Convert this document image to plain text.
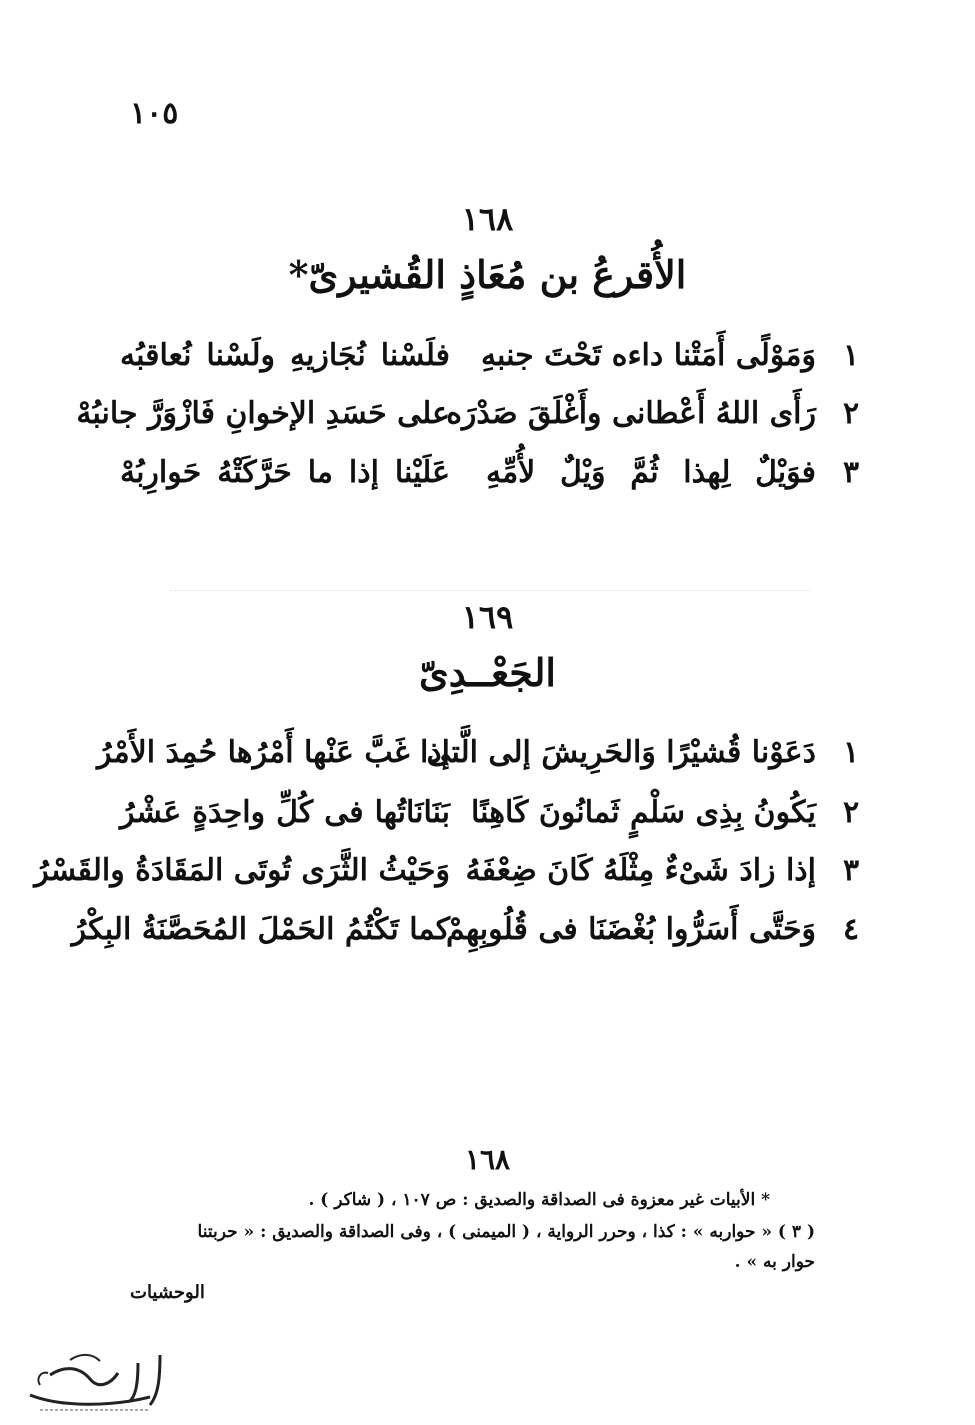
١٠٥
١٦٨
الأُقرعُ بن مُعَاذٍ القُشيرىّ*
١
وَمَوْلًى أَمَتْنا داءه تَحْتَ جنبهِ
فلَسْنا نُجَازيهِ ولَسْنا نُعاقبُه
٢
رَأَى اللهُ أَعْطانى وأَغْلَقَ صَدْرَه
على حَسَدِ الإخوانِ فَازْوَرَّ جانبُهْ
٣
فوَيْلٌ لِهذا ثُمَّ وَيْلٌ لأُمِّهِ
عَلَيْنا إذا ما حَرَّكَتْهُ حَوارِبُهْ
١٦٩
الجَعْــدِىّ
١
دَعَوْنا قُشيْرًا وَالحَرِيشَ إلى الَّتى
إذا غَبَّ عَنْها أَمْرُها حُمِدَ الأَمْرُ
٢
يَكُونُ بِذِى سَلْمٍ ثَمانُونَ كَاهِنًا
بَنَانَاتُها فى كُلِّ واحِدَةٍ عَشْرُ
٣
إذا زادَ شَىْءٌ مِثْلَهُ كَانَ ضِعْفَهُ
وَحَيْثُ الثَّرَى تُوتَى المَقَادَةُ والقَسْرُ
٤
وَحَتَّى أَسَرُّوا بُغْضَنَا فى قُلُوبِهِمْ
كما تَكْتُمُ الحَمْلَ المُحَصَّنَةُ البِكْرُ
١٦٨
* الأبيات غير معزوة فى الصداقة والصديق : ص ١٠٧ ، ( شاكر ) .
( ٣ ) « حواربه » : كذا ، وحرر الرواية ، ( الميمنى ) ، وفى الصداقة والصديق : « حربتنا
حوار به » .
الوحشيات
